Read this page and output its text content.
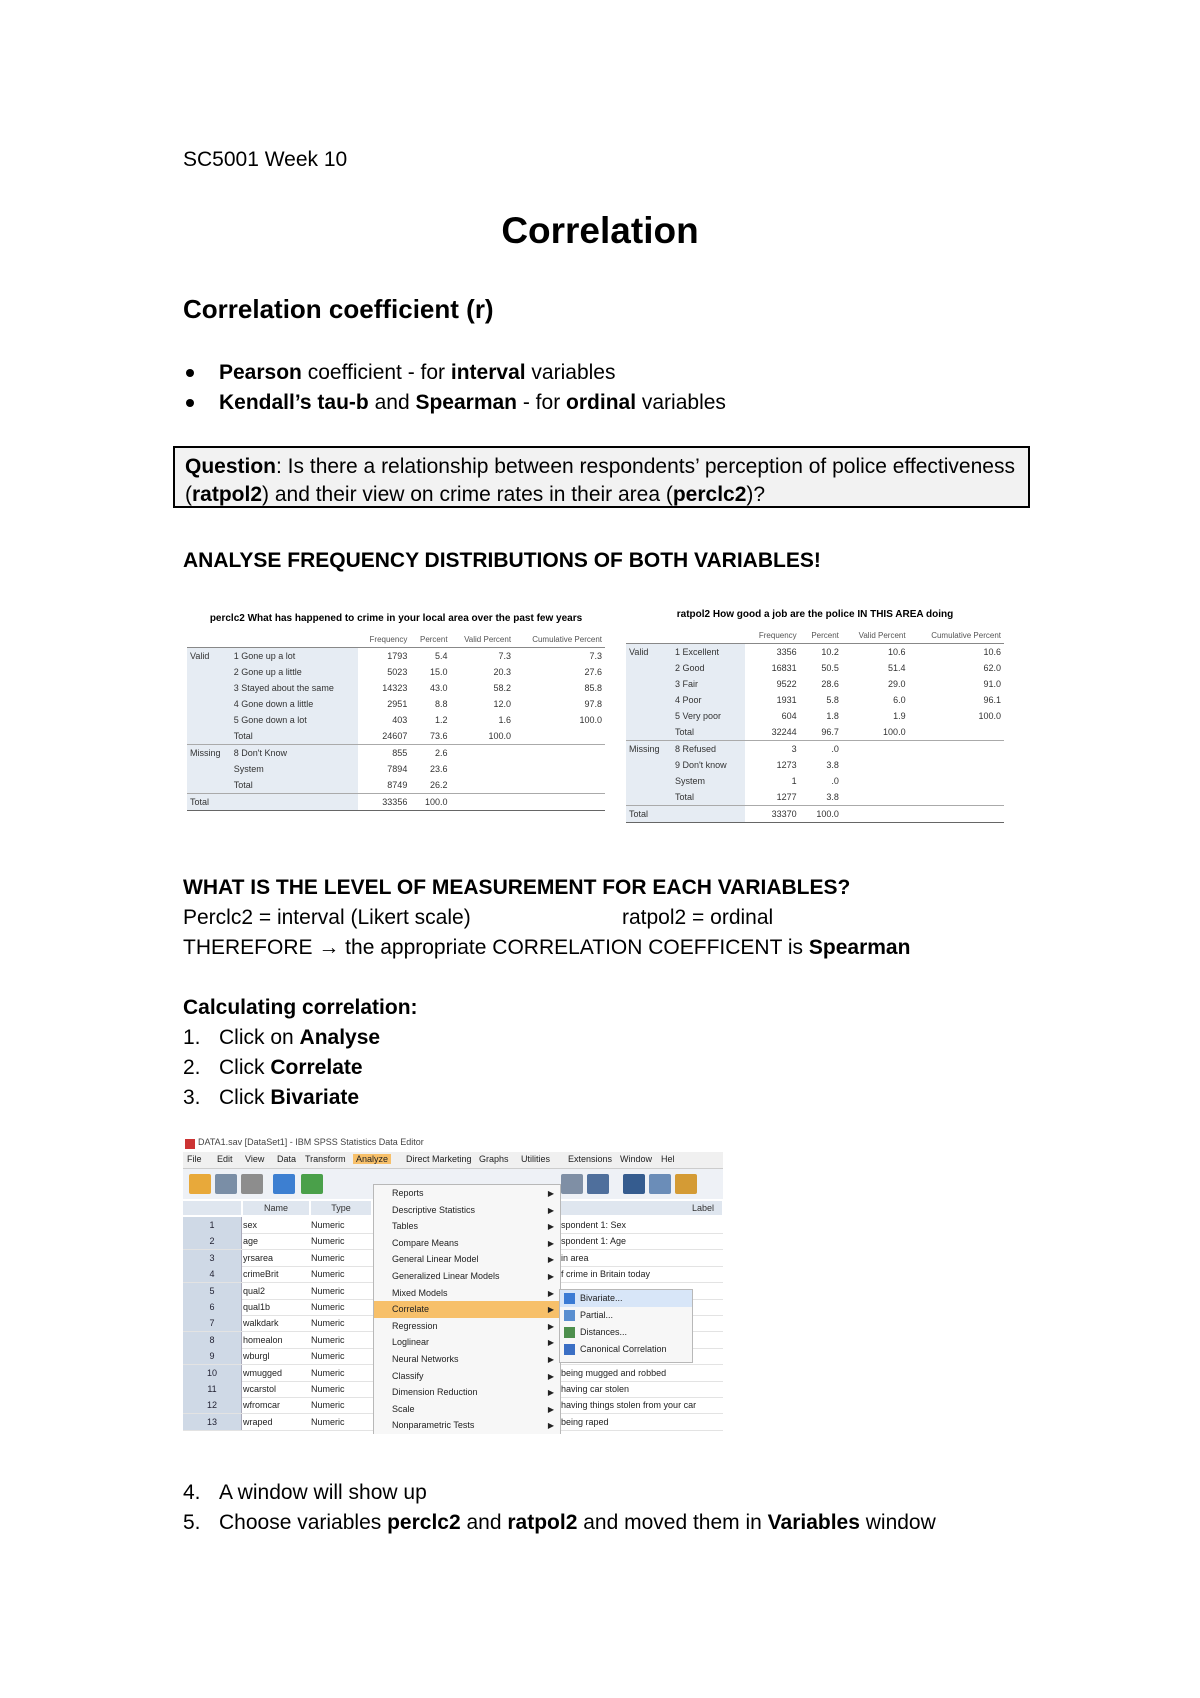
SC5001 Week 10
Correlation
Correlation coefficient (r)
Pearson coefficient - for interval variables
Kendall’s tau-b and Spearman - for ordinal variables
Question: Is there a relationship between respondents’ perception of police effectiveness (ratpol2) and their view on crime rates in their area (perclc2)?
ANALYSE FREQUENCY DISTRIBUTIONS OF BOTH VARIABLES!
perclc2 What has happened to crime in your local area over the past few years					
		Frequency	Percent	Valid Percent	Cumulative Percent
Valid	1 Gone up a lot	1793	5.4	7.3	7.3
	2 Gone up a little	5023	15.0	20.3	27.6
	3 Stayed about the same	14323	43.0	58.2	85.8
	4 Gone down a little	2951	8.8	12.0	97.8
	5 Gone down a lot	403	1.2	1.6	100.0
	Total	24607	73.6	100.0	
Missing	8 Don't Know	855	2.6		
	System	7894	23.6		
	Total	8749	26.2		
Total		33356	100.0		
ratpol2 How good a job are the police IN THIS AREA doing					
		Frequency	Percent	Valid Percent	Cumulative Percent
Valid	1 Excellent	3356	10.2	10.6	10.6
	2 Good	16831	50.5	51.4	62.0
	3 Fair	9522	28.6	29.0	91.0
	4 Poor	1931	5.8	6.0	96.1
	5 Very poor	604	1.8	1.9	100.0
	Total	32244	96.7	100.0	
Missing	8 Refused	3	.0		
	9 Don't know	1273	3.8		
	System	1	.0		
	Total	1277	3.8		
Total		33370	100.0		
WHAT IS THE LEVEL OF MEASUREMENT FOR EACH VARIABLES?
Perclc2 = interval (Likert scale)	ratpol2 = ordinal
THEREFORE → the appropriate CORRELATION COEFFICENT is Spearman
Calculating correlation:
1. Click on Analyse
2. Click Correlate
3. Click Bivariate
DATA1.sav [DataSet1] - IBM SPSS Statistics Data Editor
File Edit View Data Transform	Analyze	Direct Marketing Graphs Utilities Extensions Window Hel
Name	Type	Label
1	sex	Numeric	spondent 1: Sex
2	age	Numeric	spondent 1: Age
3	yrsarea	Numeric	in area
4	crimeBrit	Numeric	f crime in Britain today
5	qual2	Numeric
6	qual1b	Numeric
7	walkdark	Numeric
8	homealon	Numeric
9	wburgl	Numeric
10	wmugged	Numeric	being mugged and robbed
11	wcarstol	Numeric	having car stolen
12	wfromcar	Numeric	having things stolen from your car
13	wraped	Numeric	being raped
Reports	▶
Descriptive Statistics	▶
Tables	▶
Compare Means	▶
General Linear Model	▶
Generalized Linear Models	▶
Mixed Models	▶
Correlate	▶
Regression	▶
Loglinear	▶
Neural Networks	▶
Classify	▶
Dimension Reduction	▶
Scale	▶
Nonparametric Tests	▶
Bivariate...
Partial...
Distances...
Canonical Correlation
4. A window will show up
5. Choose variables perclc2 and ratpol2 and moved them in Variables window
